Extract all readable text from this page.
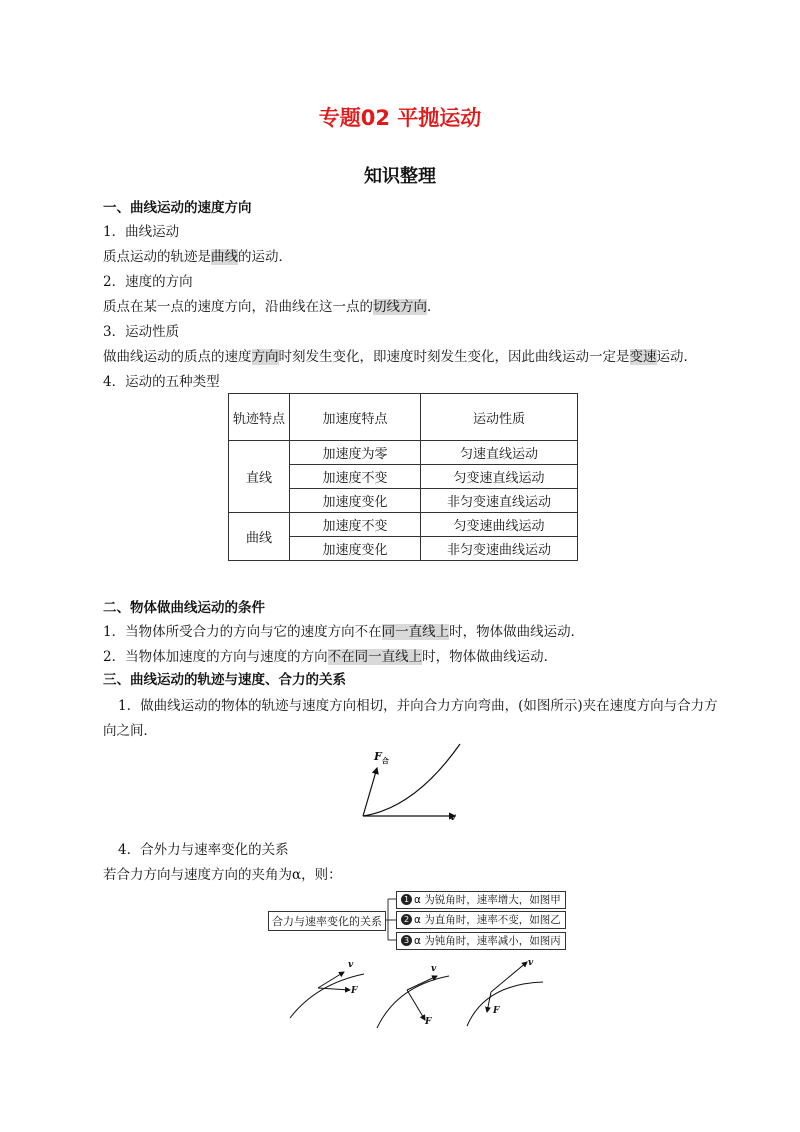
专题02 平抛运动
知识整理
一、曲线运动的速度方向
1．曲线运动
质点运动的轨迹是曲线的运动．
2．速度的方向
质点在某一点的速度方向，沿曲线在这一点的切线方向．
3．运动性质
做曲线运动的质点的速度方向时刻发生变化，即速度时刻发生变化，因此曲线运动一定是变速运动．
4．运动的五种类型
轨迹特点	加速度特点	运动性质
直线	加速度为零	匀速直线运动
	加速度不变	匀变速直线运动
	加速度变化	非匀变速直线运动
曲线	加速度不变	匀变速曲线运动
	加速度变化	非匀变速曲线运动
二、物体做曲线运动的条件
1．当物体所受合力的方向与它的速度方向不在同一直线上时，物体做曲线运动．
2．当物体加速度的方向与速度的方向不在同一直线上时，物体做曲线运动．
三、曲线运动的轨迹与速度、合力的关系
1．做曲线运动的物体的轨迹与速度方向相切，并向合力方向弯曲，(如图所示)夹在速度方向与合力方
向之间．
$F_合$
v
4．合外力与速率变化的关系
若合力方向与速度方向的夹角为α，则：
合力与速率变化的关系
1 α 为锐角时，速率增大，如图甲
2 α 为直角时，速率不变，如图乙
3 α 为钝角时，速率减小，如图丙
v
F
v
F
v
F
